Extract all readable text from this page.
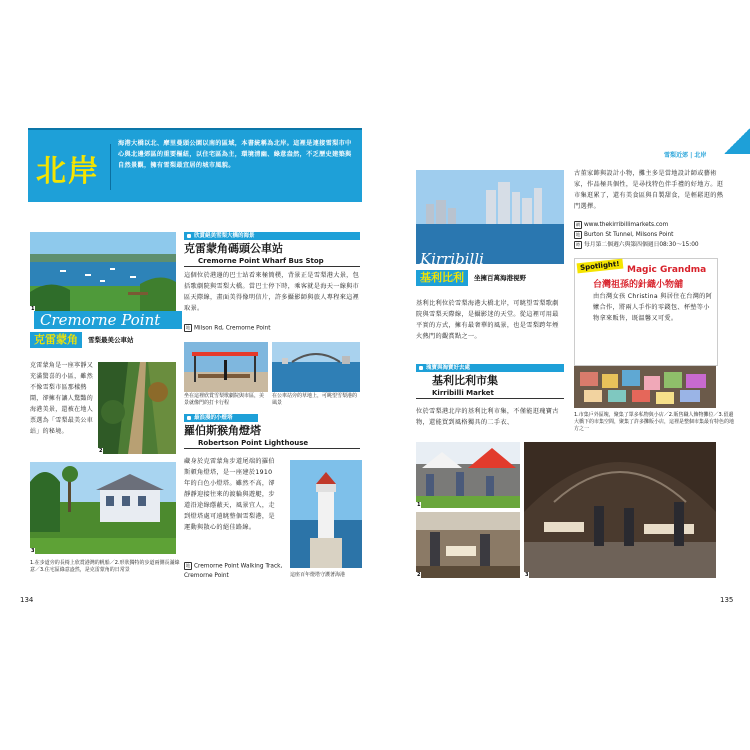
北岸
海港大橋以北、摩里曼頭公園以南的區域，本書統稱為北岸。這裡是連接雪梨市中心與北邊郊區的重要樞紐，以住宅區為主，環境清幽、綠意盎然，不乏歷史建築與自然景觀，擁有雪梨最宜居的城市風貌。
1
Cremorne Point
克雷蒙角	雪梨最美公車站
克雷蒙角是一座寧靜又充滿驚喜的小區，雖然不像雪梨市區那樣熱鬧，卻擁有讓人驚豔的海港美景，還被在地人票選為「雪梨最美公車站」的秘境。
2
3
1.在步道旁的長椅上欣賞港灣的帆船／2.形狀獨特的步道兩側長滿綠意／3.住宅區綠意盎然，是克雷蒙角的日常景
欣賞絕美雪梨大橋的海景
克雷蒙角碼頭公車站
Cremorne Point Wharf Bus Stop
這個位於港邊的巴士站看來極簡樸，背景正是雪梨港大景，包括歌劇院與雪梨大橋。當巴士停下時，乘客就是海天一線與市區天際線，畫面美得像明信片，許多攝影師與旅人專程來這裡取景。
地 Milson Rd, Cremorne Point
坐在這裡欣賞雪梨歌劇院與市區，美景就像門的打卡行程
在公車站旁的草地上，可眺望雪梨港的風景
最浪漫的小燈塔
羅伯斯猴角燈塔
Robertson Point Lighthouse
藏身於克雷蒙角步道尾端的羅伯斯頓角燈塔，是一座建於1910年的白色小燈塔。雖然不高，卻靜靜迎接往來的渡輪與遊艇，步道沿途綠蔭蔽天，風景宜人，走到燈塔處可遠眺整個雪梨港，是運動與散心的絕佳路線。
地 Cremorne Point Walking Track, Cremorne Point	這座百年燈塔守護著海港
134
雪梨近郊 | 北岸
Kirribilli
基利比利	坐擁百萬海港視野
基利比利位於雪梨海港大橋北岸，可眺望雪梨歌劇院與雪梨天際線，是攝影迷的天堂。從這裡可用最平實的方式，擁有最奢華的風景，也是雪梨跨年煙火熱門的觀賞點之一。
瑰寶與淘寶好去處
基利比利市集
Kirribilli Market
位於雪梨港北岸的基利比利市集，不僅能逛瑰寶古物，還能買到風格獨具的二手衣、
古董家飾與設計小物，攤主多是當地設計師或藝術家，作品極具個性，是尋找特色伴手禮的好地方。逛市集逛累了，還有美食區與自製甜食，是輕鬆逛的熱門選擇。
網 www.thekirribillimarkets.com
地 Burton St Tunnel, Milsons Point
時 每月第二個週六與第四個週日08:30～15:00
Spotlight! Magic Grandma
台灣祖孫的針織小物舖
由台灣女孩 Christina 與居住在台灣的阿嬤合作，將兩人手作的零錢包、杯墊等小物拿來販售，既溫馨又可愛。
1.市集戶外區塊，聚集了眾多私物與小店／2.販售職人飾物攤位／3.留邊大橋下的市集空間，聚集了許多攤販小店，這裡是整個市集最有特色的地方之一
1
2	3
135
